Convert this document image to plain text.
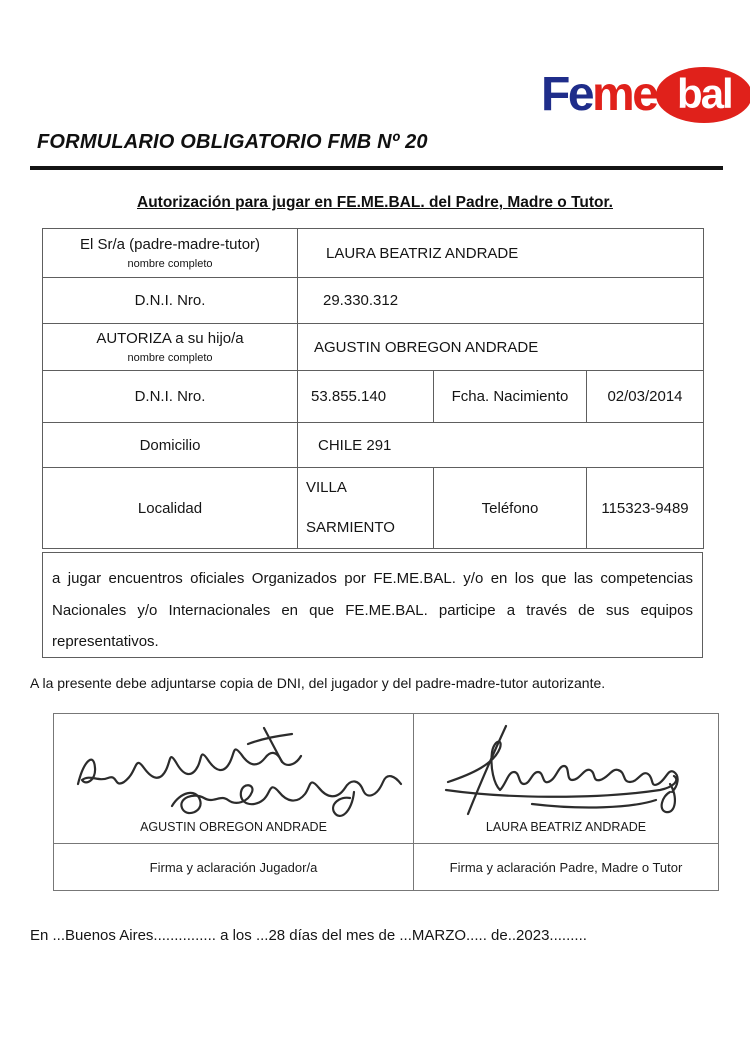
Fe me bal
FORMULARIO OBLIGATORIO FMB Nº 20
Autorización para jugar en FE.ME.BAL. del Padre, Madre o Tutor.
El Sr/a (padre-madre-tutor)
nombre completo	LAURA BEATRIZ ANDRADE		
D.N.I. Nro.	29.330.312		

AUTORIZA a su hijo/a
nombre completo	AGUSTIN OBREGON ANDRADE		
D.N.I. Nro.	53.855.140	Fcha. Nacimiento	02/03/2014
Domicilio	CHILE 291		
Localidad	VILLA SARMIENTO	Teléfono	115323-9489
a jugar encuentros oficiales Organizados por FE.ME.BAL. y/o en los que las competencias Nacionales y/o Internacionales en que FE.ME.BAL. participe a través de sus equipos representativos.
A la presente debe adjuntarse copia de DNI, del jugador y del padre-madre-tutor autorizante.
AGUSTIN OBREGON ANDRADE	LAURA BEATRIZ ANDRADE

Firma y aclaración Jugador/a	Firma y aclaración Padre, Madre o Tutor
En ...Buenos Aires............... a los ...28 días del mes de ...MARZO..... de..2023.........
